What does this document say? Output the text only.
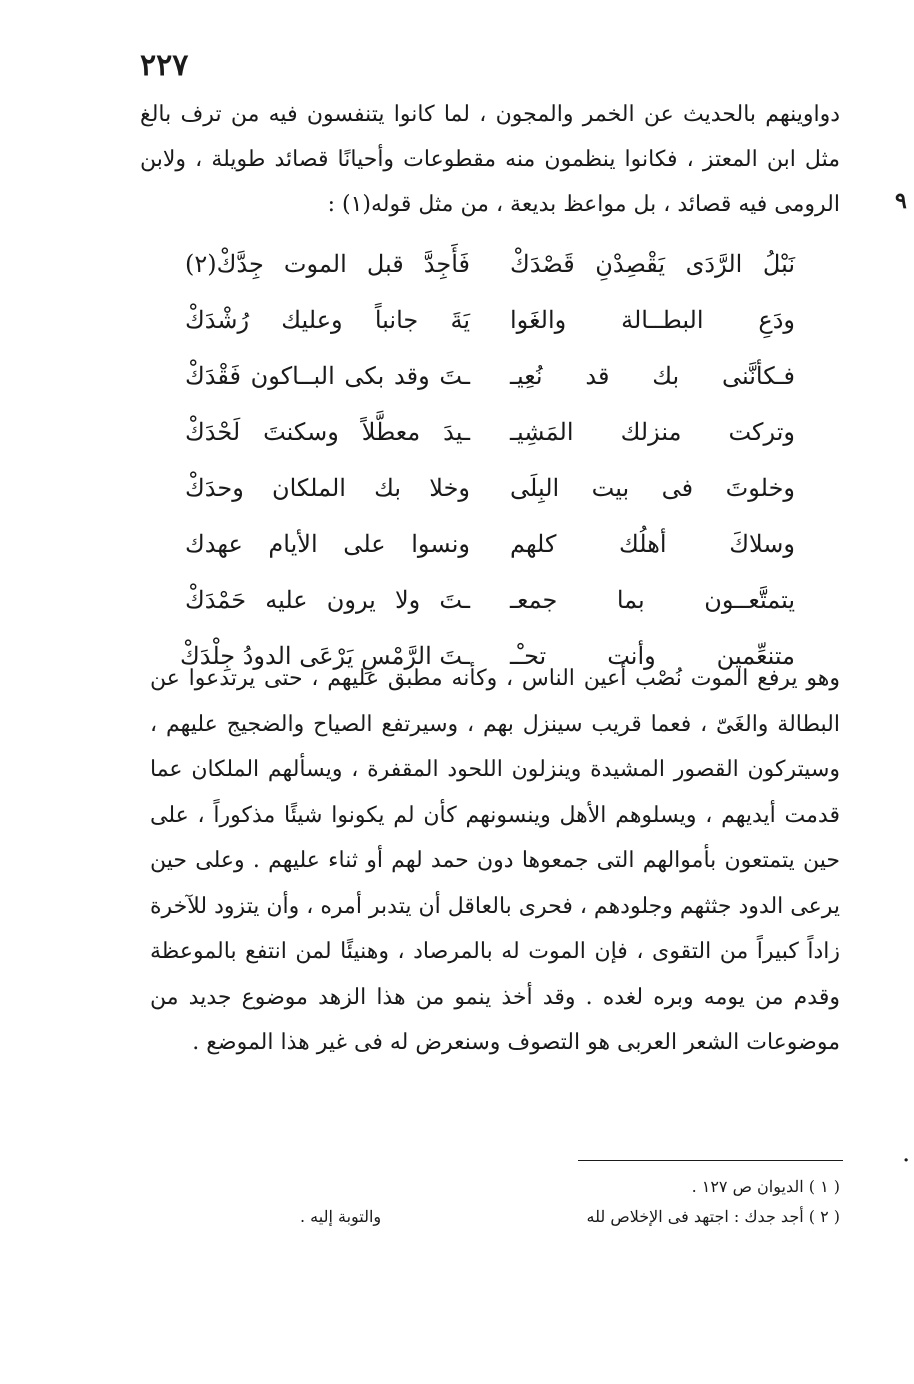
٢٢٧

دواوينهم بالحديث عن الخمر والمجون ، لما كانوا يتنفسون فيه من ترف بالغ مثل ابن المعتز ، فكانوا ينظمون منه مقطوعات وأحيانًا قصائد طويلة ، ولابن الرومى فيه قصائد ، بل مواعظ بديعة ، من مثل قوله(١) :	٩
نَبْلُ الرَّدَى يَقْصِدْنِ قَصْدَكْ
فَأَجِدَّ قبل الموت جِدَّكْ(٢)
ودَعِ البطــالة والغَوا
يَةَ جانباً وعليك رُشْدَكْ
فـكأنَّنى بك قد نُعِيـ
ـتَ وقد بكى البــاكون فَقْدَكْ
وتركت منزلك المَشِيـ
ـيدَ معطَّلاً وسكنتَ لَحْدَكْ
وخلوتَ فى بيت البِلَى
وخلا بك الملكان وحدَكْ
وسلاكَ أهلُك كلهم
ونسوا على الأيام عهدك
يتمتَّعــون بما جمعـ
ـتَ ولا يرون عليه حَمْدَكْ
متنعِّمين وأنت تحـْـ
ـتَ الرَّمْسِ يَرْعَى الدودُ جِلْدَكْ

وهو يرفع الموت نُصْب أعين الناس ، وكأنه مطبق عليهم ، حتى يرتدعوا عن البطالة والغَىّ ، فعما قريب سينزل بهم ، وسيرتفع الصياح والضجيج عليهم ، وسيتركون القصور المشيدة وينزلون اللحود المقفرة ، ويسألهم الملكان عما قدمت أيديهم ، ويسلوهم الأهل وينسونهم كأن لم يكونوا شيئًا مذكوراً ، على حين يتمتعون بأموالهم التى جمعوها دون حمد لهم أو ثناء عليهم . وعلى حين يرعى الدود جثثهم وجلودهم ، فحرى بالعاقل أن يتدبر أمره ، وأن يتزود للآخرة زاداً كبيراً من التقوى ، فإن الموت له بالمرصاد ، وهنيئًا لمن انتفع بالموعظة وقدم من يومه وبره لغده . وقد أخذ ينمو من هذا الزهد موضوع جديد من موضوعات الشعر العربى هو التصوف وسنعرض له فى غير هذا الموضع .

·
( ١ ) الديوان ص ١٢٧ .
( ٢ ) أجد جدك : اجتهد فى الإخلاص لله
والتوبة إليه .
